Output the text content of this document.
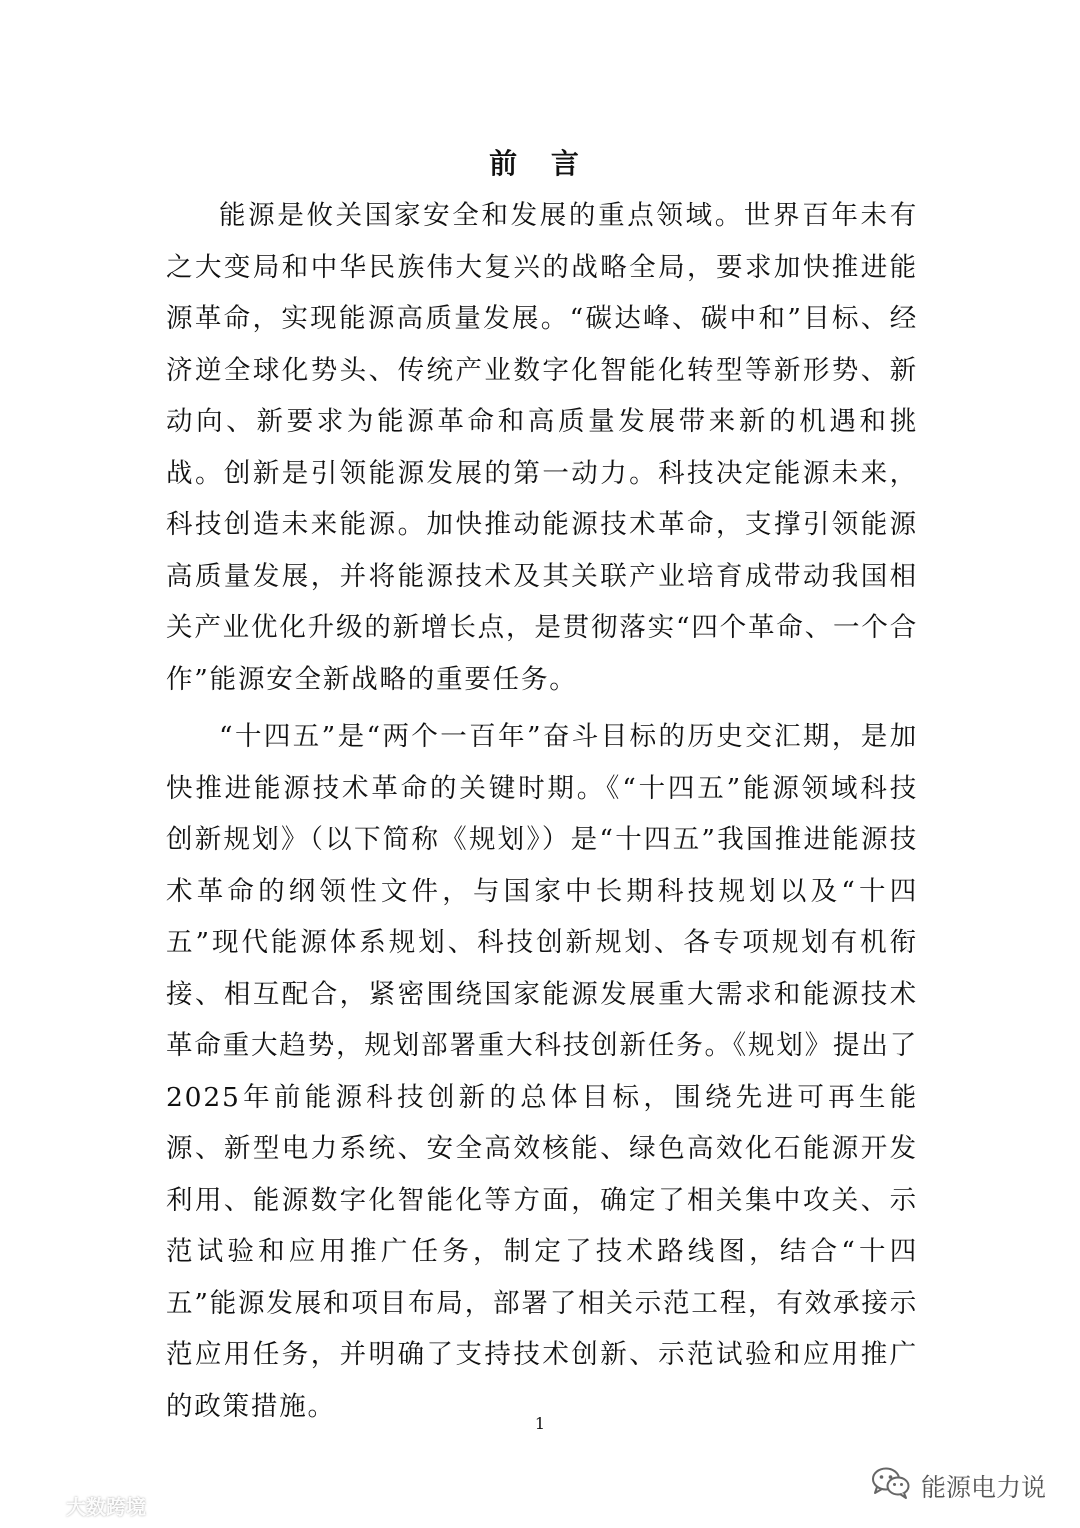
前 言

能源是攸关国家安全和发展的重点领域。世界百年未有之大变局和中华民族伟大复兴的战略全局，要求加快推进能源革命，实现能源高质量发展。“碳达峰、碳中和”目标、经济逆全球化势头、传统产业数字化智能化转型等新形势、新动向、新要求为能源革命和高质量发展带来新的机遇和挑战。创新是引领能源发展的第一动力。科技决定能源未来，科技创造未来能源。加快推动能源技术革命，支撑引领能源高质量发展，并将能源技术及其关联产业培育成带动我国相关产业优化升级的新增长点，是贯彻落实“四个革命、一个合作”能源安全新战略的重要任务。

“十四五”是“两个一百年”奋斗目标的历史交汇期，是加快推进能源技术革命的关键时期。《“十四五”能源领域科技创新规划》（以下简称《规划》）是“十四五”我国推进能源技术革命的纲领性文件，与国家中长期科技规划以及“十四五”现代能源体系规划、科技创新规划、各专项规划有机衔接、相互配合，紧密围绕国家能源发展重大需求和能源技术革命重大趋势，规划部署重大科技创新任务。《规划》提出了2025年前能源科技创新的总体目标，围绕先进可再生能源、新型电力系统、安全高效核能、绿色高效化石能源开发利用、能源数字化智能化等方面，确定了相关集中攻关、示范试验和应用推广任务，制定了技术路线图，结合“十四五”能源发展和项目布局，部署了相关示范工程，有效承接示范应用任务，并明确了支持技术创新、示范试验和应用推广的政策措施。

1
能源电力说
大数跨境
